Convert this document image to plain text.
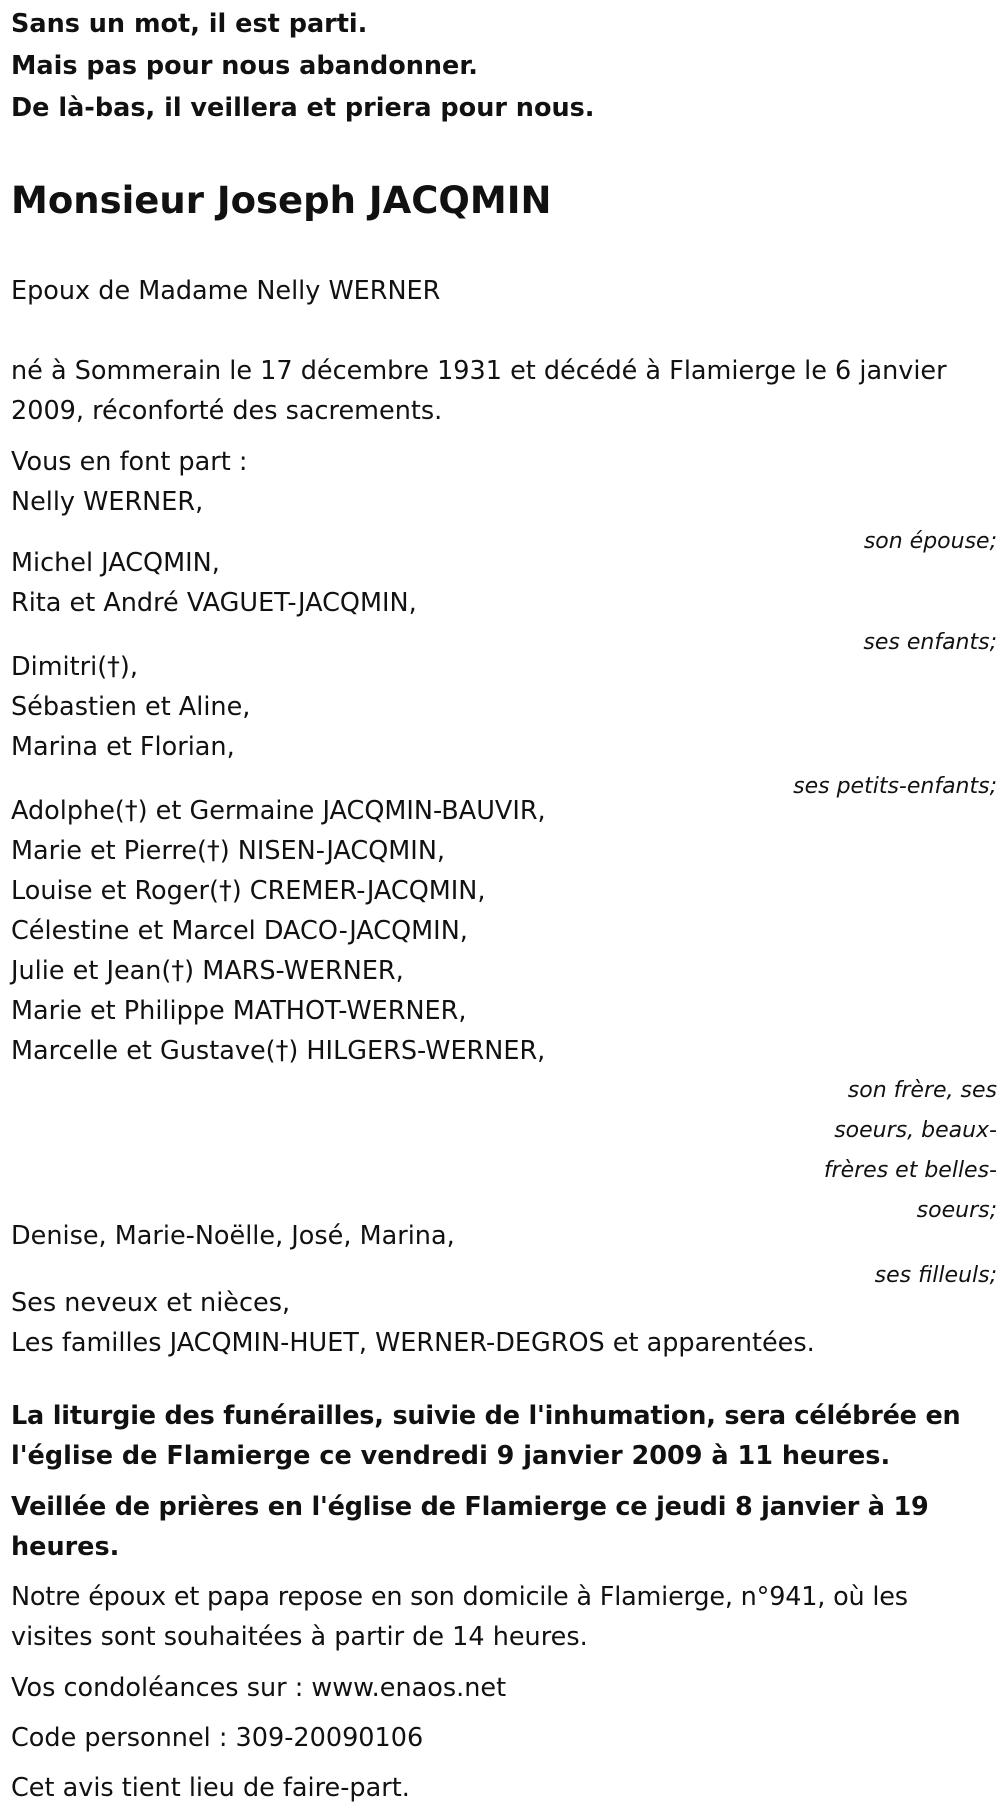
Sans un mot, il est parti.
Mais pas pour nous abandonner.
De là-bas, il veillera et priera pour nous.
Monsieur Joseph JACQMIN
Epoux de Madame Nelly WERNER
né à Sommerain le 17 décembre 1931 et décédé à Flamierge le 6 janvier
2009, réconforté des sacrements.
Vous en font part :
Nelly WERNER,
son épouse;
Michel JACQMIN,
Rita et André VAGUET-JACQMIN,
ses enfants;
Dimitri(†),
Sébastien et Aline,
Marina et Florian,
ses petits-enfants;
Adolphe(†) et Germaine JACQMIN-BAUVIR,
Marie et Pierre(†) NISEN-JACQMIN,
Louise et Roger(†) CREMER-JACQMIN,
Célestine et Marcel DACO-JACQMIN,
Julie et Jean(†) MARS-WERNER,
Marie et Philippe MATHOT-WERNER,
Marcelle et Gustave(†) HILGERS-WERNER,
son frère, ses
soeurs, beaux-
frères et belles-
soeurs;
Denise, Marie-Noëlle, José, Marina,
ses filleuls;
Ses neveux et nièces,
Les familles JACQMIN-HUET, WERNER-DEGROS et apparentées.
La liturgie des funérailles, suivie de l'inhumation, sera célébrée en
l'église de Flamierge ce vendredi 9 janvier 2009 à 11 heures.
Veillée de prières en l'église de Flamierge ce jeudi 8 janvier à 19
heures.
Notre époux et papa repose en son domicile à Flamierge, n°941, où les
visites sont souhaitées à partir de 14 heures.
Vos condoléances sur : www.enaos.net
Code personnel : 309-20090106
Cet avis tient lieu de faire-part.
